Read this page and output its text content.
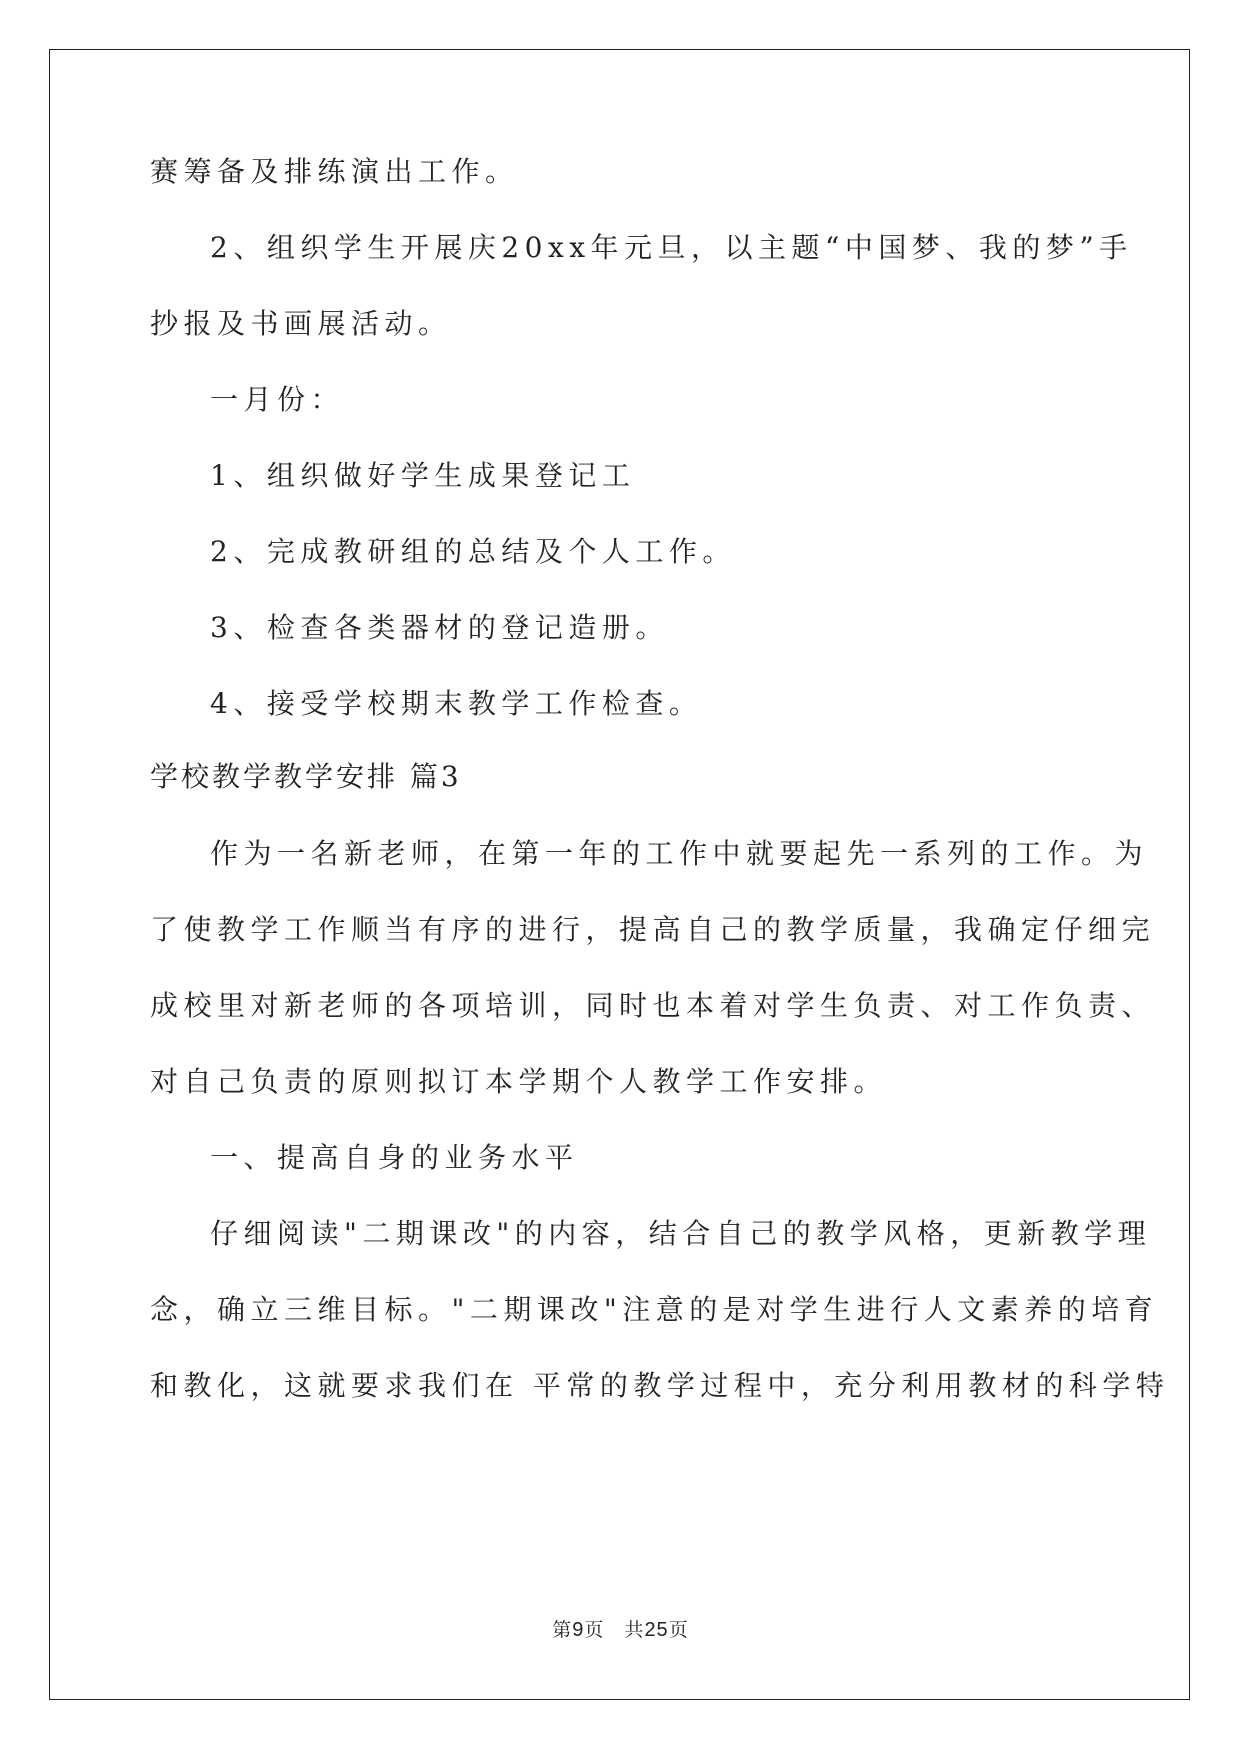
赛筹备及排练演出工作。
2、组织学生开展庆20xx年元旦，以主题“中国梦、我的梦”手
抄报及书画展活动。
一月份：
1、组织做好学生成果登记工
2、完成教研组的总结及个人工作。
3、检查各类器材的登记造册。
4、接受学校期末教学工作检查。
学校教学教学安排 篇3
作为一名新老师，在第一年的工作中就要起先一系列的工作。为
了使教学工作顺当有序的进行，提高自己的教学质量，我确定仔细完
成校里对新老师的各项培训，同时也本着对学生负责、对工作负责、
对自己负责的原则拟订本学期个人教学工作安排。
一、提高自身的业务水平
仔细阅读"二期课改"的内容，结合自己的教学风格，更新教学理
念，确立三维目标。"二期课改"注意的是对学生进行人文素养的培育
和教化，这就要求我们在 平常的教学过程中，充分利用教材的科学特
第9页　共25页
